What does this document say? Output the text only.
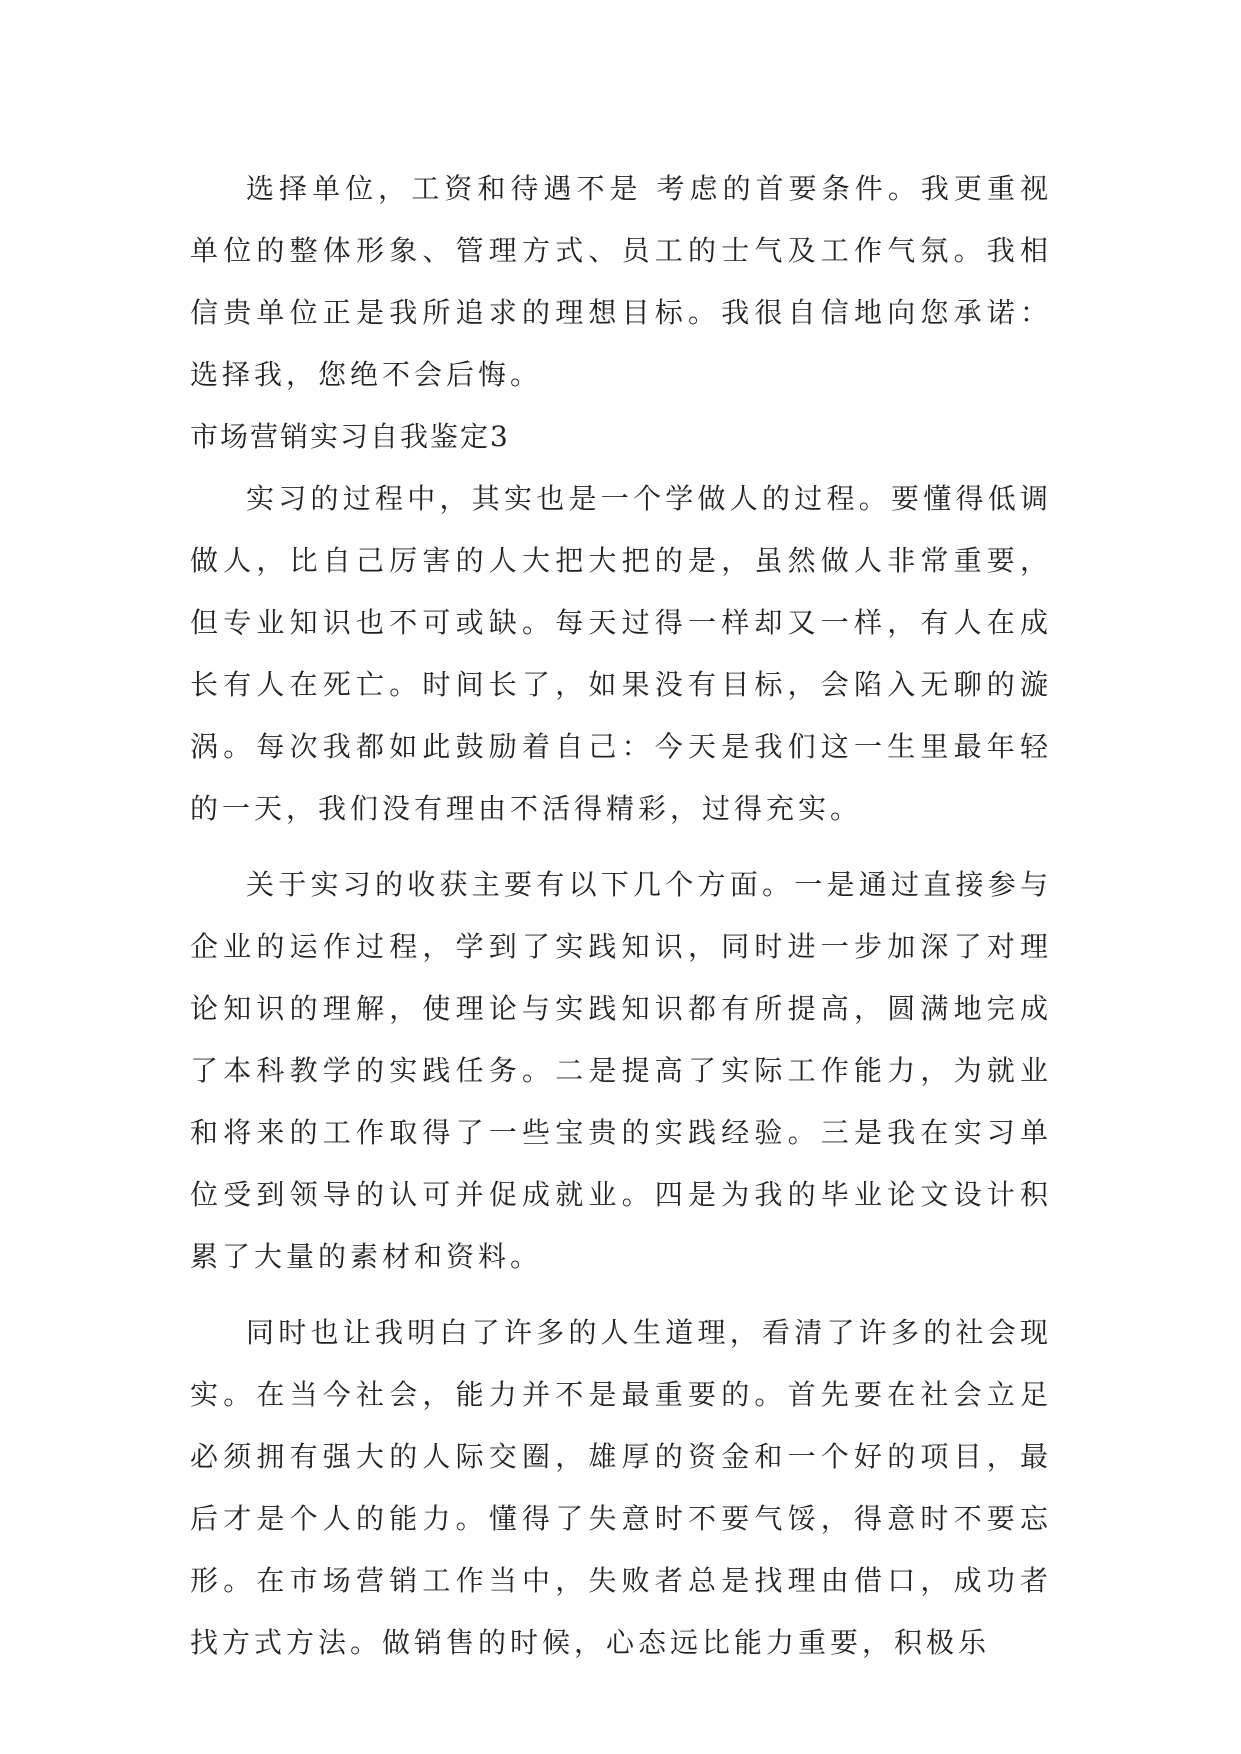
选择单位，工资和待遇不是 考虑的首要条件。我更重视单位的整体形象、管理方式、员工的士气及工作气氛。我相信贵单位正是我所追求的理想目标。我很自信地向您承诺：选择我，您绝不会后悔。

市场营销实习自我鉴定3

实习的过程中，其实也是一个学做人的过程。要懂得低调做人，比自己厉害的人大把大把的是，虽然做人非常重要，但专业知识也不可或缺。每天过得一样却又一样，有人在成长有人在死亡。时间长了，如果没有目标，会陷入无聊的漩涡。每次我都如此鼓励着自己：今天是我们这一生里最年轻的一天，我们没有理由不活得精彩，过得充实。

关于实习的收获主要有以下几个方面。一是通过直接参与企业的运作过程，学到了实践知识，同时进一步加深了对理论知识的理解，使理论与实践知识都有所提高，圆满地完成了本科教学的实践任务。二是提高了实际工作能力，为就业和将来的工作取得了一些宝贵的实践经验。三是我在实习单位受到领导的认可并促成就业。四是为我的毕业论文设计积累了大量的素材和资料。

同时也让我明白了许多的人生道理，看清了许多的社会现实。在当今社会，能力并不是最重要的。首先要在社会立足必须拥有强大的人际交圈，雄厚的资金和一个好的项目，最后才是个人的能力。懂得了失意时不要气馁，得意时不要忘形。在市场营销工作当中，失败者总是找理由借口，成功者找方式方法。做销售的时候，心态远比能力重要，积极乐
